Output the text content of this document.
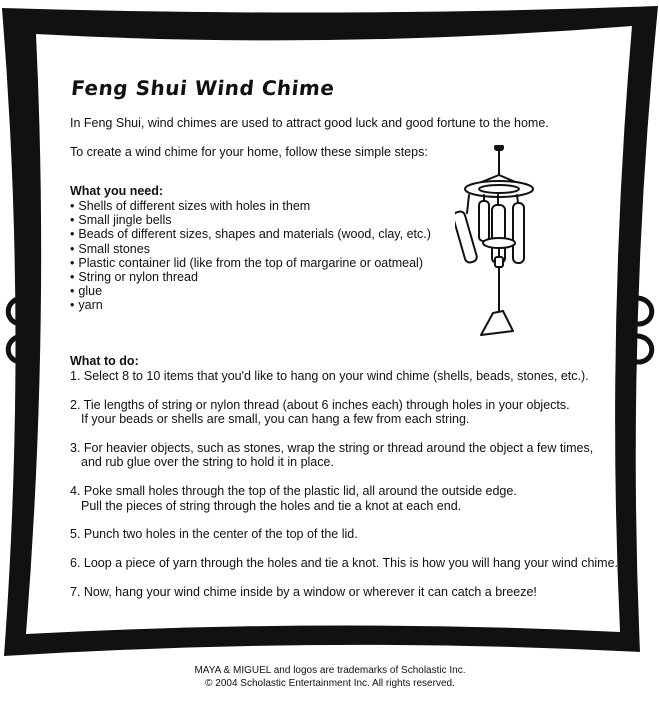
Feng Shui Wind Chime
In Feng Shui, wind chimes are used to attract good luck and good fortune to the home.
To create a wind chime for your home, follow these simple steps:
What you need:
• Shells of different sizes with holes in them
• Small jingle bells
• Beads of different sizes, shapes and materials (wood, clay, etc.)
• Small stones
• Plastic container lid (like from the top of margarine or oatmeal)
• String or nylon thread
• glue
• yarn
What to do:
1. Select 8 to 10 items that you'd like to hang on your wind chime (shells, beads, stones, etc.).
2. Tie lengths of string or nylon thread (about 6 inches each) through holes in your objects.
If your beads or shells are small, you can hang a few from each string.
3. For heavier objects, such as stones, wrap the string or thread around the object a few times,
and rub glue over the string to hold it in place.
4. Poke small holes through the top of the plastic lid, all around the outside edge.
Pull the pieces of string through the holes and tie a knot at each end.
5. Punch two holes in the center of the top of the lid.
6. Loop a piece of yarn through the holes and tie a knot. This is how you will hang your wind chime.
7. Now, hang your wind chime inside by a window or wherever it can catch a breeze!
MAYA & MIGUEL and logos are trademarks of Scholastic Inc.
© 2004 Scholastic Entertainment Inc. All rights reserved.
